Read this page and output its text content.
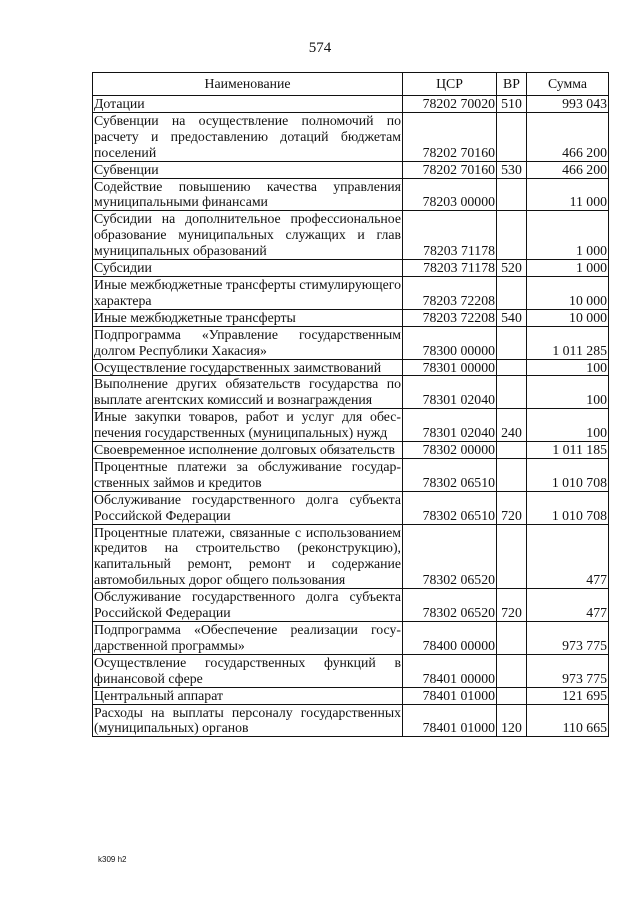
574
Наименование	ЦСР	ВР	Сумма
Дотации	78202 70020	510	993 043
Субвенции на осуществление полномочий по расчету и предоставлению дотаций бюджетам поселений	78202 70160		466 200
Субвенции	78202 70160	530	466 200
Содействие повышению качества управления муниципальными финансами	78203 00000		11 000
Субсидии на дополнительное профессиональное образование муниципальных служащих и глав муниципальных образований	78203 71178		1 000
Субсидии	78203 71178	520	1 000
Иные межбюджетные трансферты стимулирующего характера	78203 72208		10 000
Иные межбюджетные трансферты	78203 72208	540	10 000
Подпрограмма «Управление государственным долгом Республики Хакасия»	78300 00000		1 011 285
Осуществление государственных заимствований	78301 00000		100
Выполнение других обязательств государства по выплате агентских комиссий и вознаграждения	78301 02040		100
Иные закупки товаров, работ и услуг для обеспечения государственных (муниципальных) нужд	78301 02040	240	100
Своевременное исполнение долговых обязательств	78302 00000		1 011 185
Процентные платежи за обслуживание государственных займов и кредитов	78302 06510		1 010 708
Обслуживание государственного долга субъекта Российской Федерации	78302 06510	720	1 010 708
Процентные платежи, связанные с использованием кредитов на строительство (реконструкцию), капитальный ремонт, ремонт и содержание автомобильных дорог общего пользования	78302 06520		477
Обслуживание государственного долга субъекта Российской Федерации	78302 06520	720	477
Подпрограмма «Обеспечение реализации государственной программы»	78400 00000		973 775
Осуществление государственных функций в финансовой сфере	78401 00000		973 775
Центральный аппарат	78401 01000		121 695
Расходы на выплаты персоналу государственных (муниципальных) органов	78401 01000	120	110 665
k309 h2
